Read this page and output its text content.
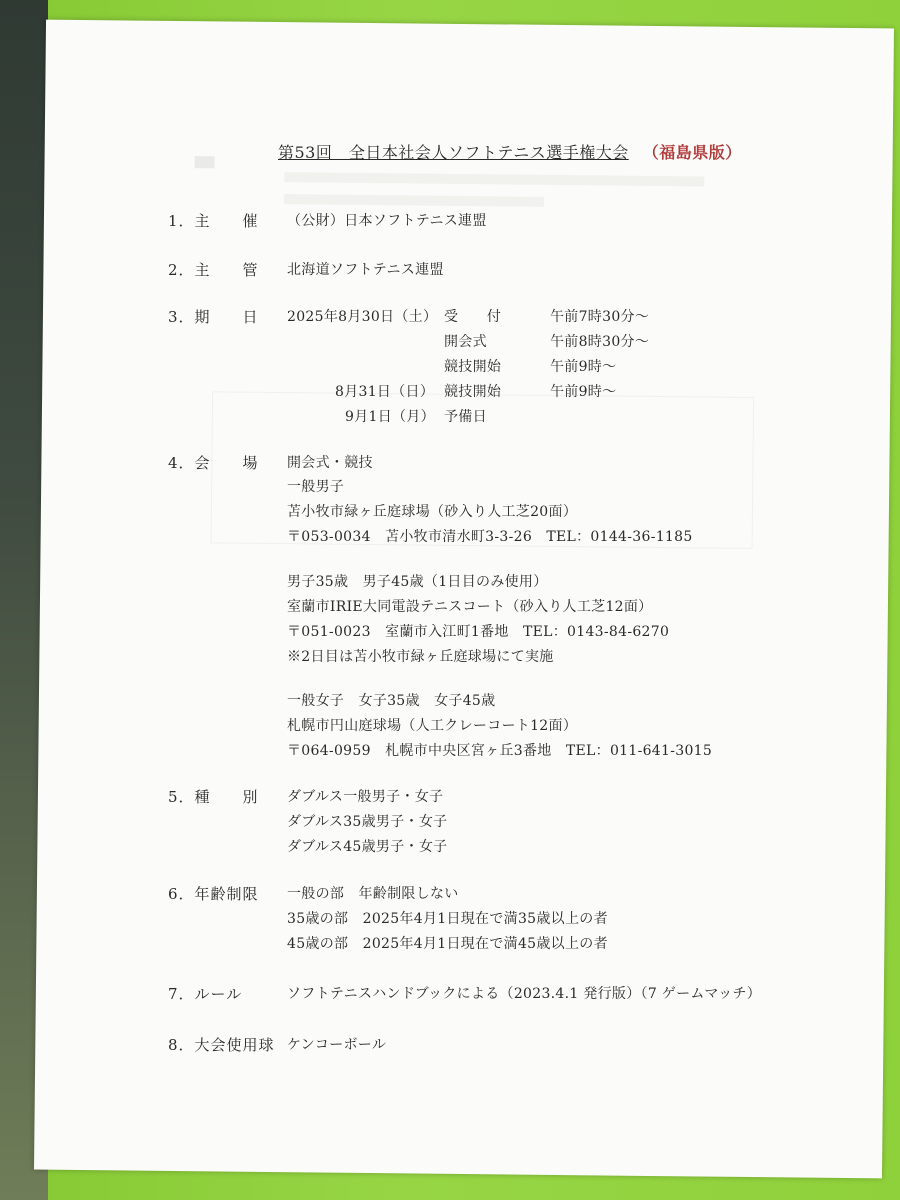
第53回　全日本社会人ソフトテニス選手権大会 （福島県版）
1．主　　催	（公財）日本ソフトテニス連盟
2．主　　管	北海道ソフトテニス連盟
3．期　　日	2025年8月30日（土） 受　　付	午前7時30分～
開会式	午前8時30分～
競技開始	午前9時～
8月31日（日） 競技開始	午前9時～
9月1日（月） 予備日
4．会　　場	開会式・競技
一般男子
苫小牧市緑ヶ丘庭球場（砂入り人工芝20面）
〒053-0034　苫小牧市清水町3-3-26　TEL：0144-36-1185
男子35歳　男子45歳（1日目のみ使用）
室蘭市IRIE大同電設テニスコート（砂入り人工芝12面）
〒051-0023　室蘭市入江町1番地　TEL：0143-84-6270
※2日目は苫小牧市緑ヶ丘庭球場にて実施
一般女子　女子35歳　女子45歳
札幌市円山庭球場（人工クレーコート12面）
〒064-0959　札幌市中央区宮ヶ丘3番地　TEL：011-641-3015
5．種　　別	ダブルス一般男子・女子
ダブルス35歳男子・女子
ダブルス45歳男子・女子
6．年齢制限	一般の部　年齢制限しない
35歳の部　2025年4月1日現在で満35歳以上の者
45歳の部　2025年4月1日現在で満45歳以上の者
7．ルール	ソフトテニスハンドブックによる（2023.4.1 発行版）（7 ゲームマッチ）
8．大会使用球 ケンコーボール
